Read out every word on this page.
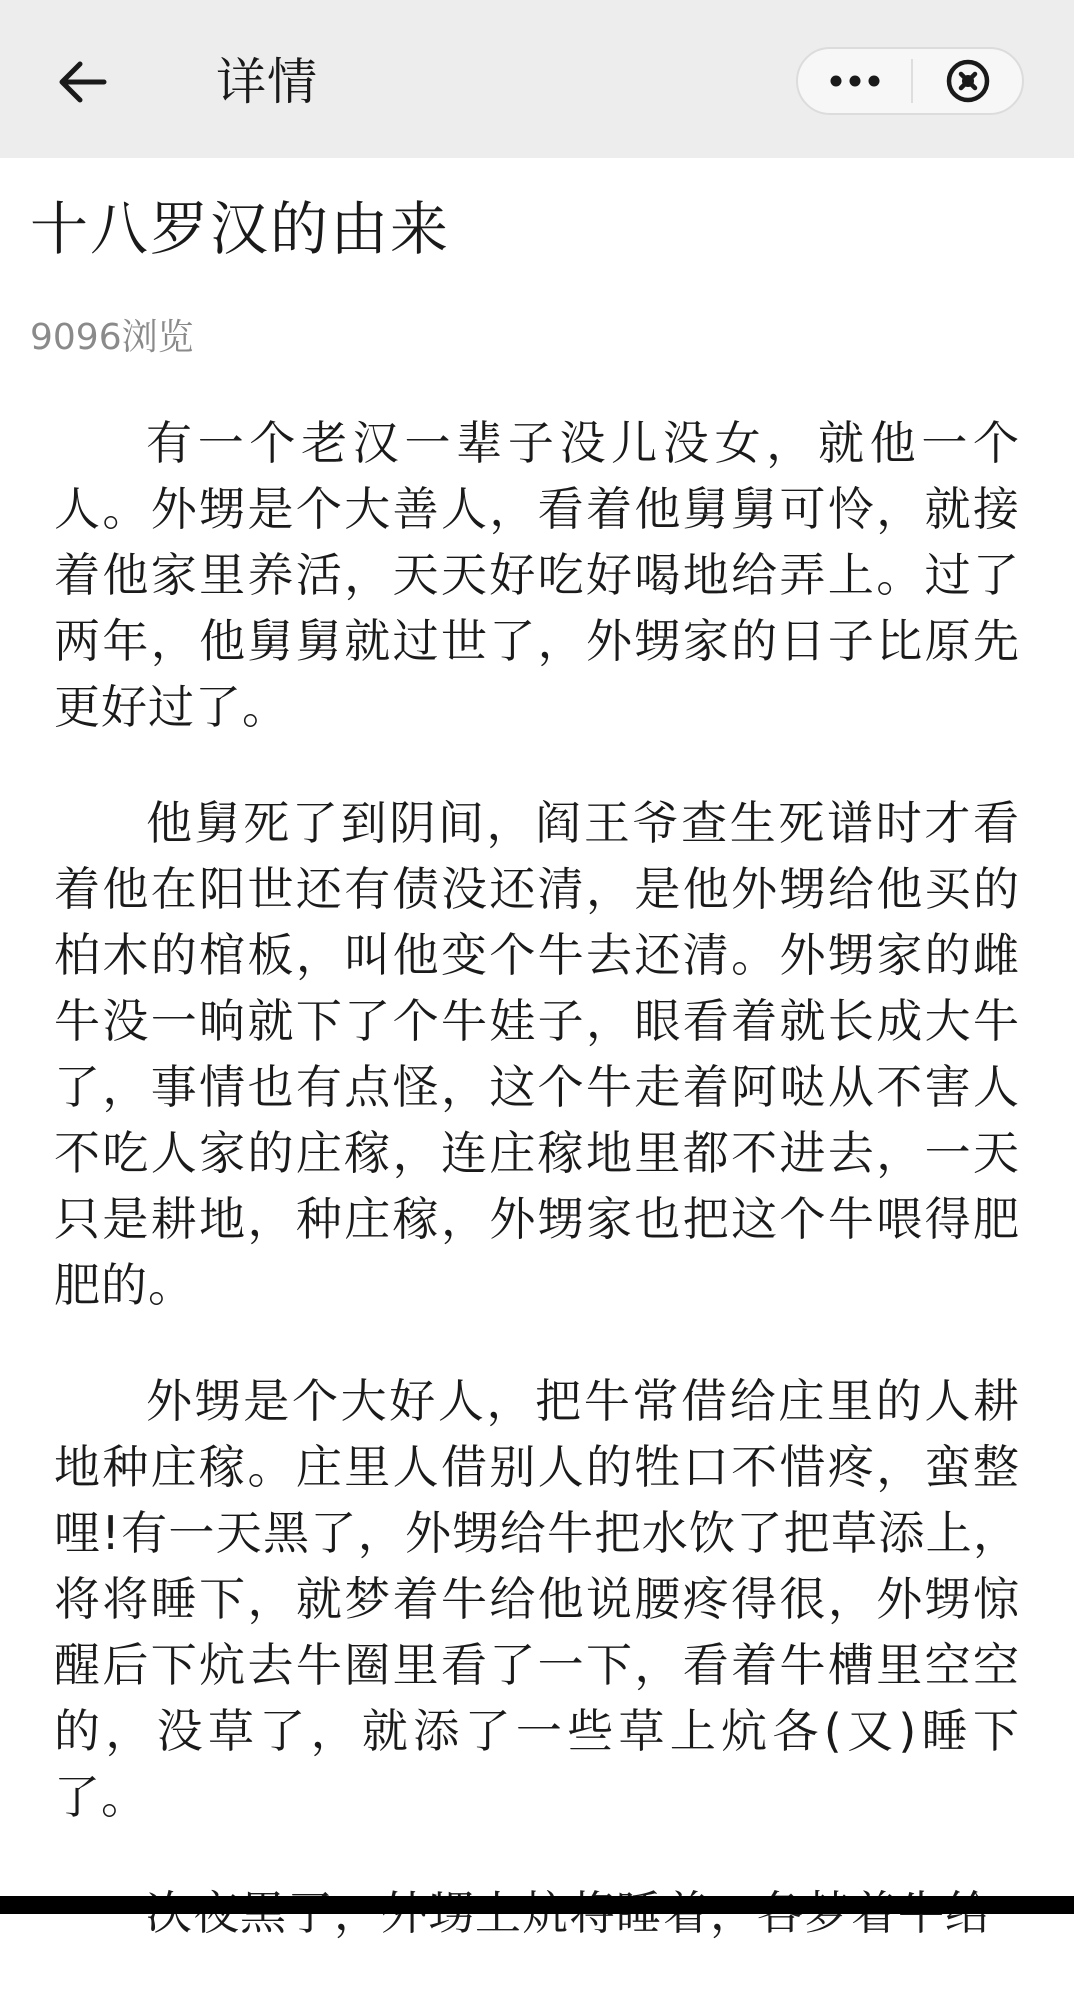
详情
十八罗汉的由来
9096浏览

有一个老汉一辈子没儿没女，就他一个人。外甥是个大善人，看着他舅舅可怜，就接着他家里养活，天天好吃好喝地给弄上。过了两年，他舅舅就过世了，外甥家的日子比原先更好过了。

他舅死了到阴间，阎王爷查生死谱时才看着他在阳世还有债没还清，是他外甥给他买的柏木的棺板，叫他变个牛去还清。外甥家的雌牛没一晌就下了个牛娃子，眼看着就长成大牛了，事情也有点怪，这个牛走着阿哒从不害人不吃人家的庄稼，连庄稼地里都不进去，一天只是耕地，种庄稼，外甥家也把这个牛喂得肥肥的。

外甥是个大好人，把牛常借给庄里的人耕地种庄稼。庄里人借别人的牲口不惜疼，蛮整哩!有一天黑了，外甥给牛把水饮了把草添上，将将睡下，就梦着牛给他说腰疼得很，外甥惊醒后下炕去牛圈里看了一下，看着牛槽里空空的，没草了，就添了一些草上炕各(又)睡下了。
